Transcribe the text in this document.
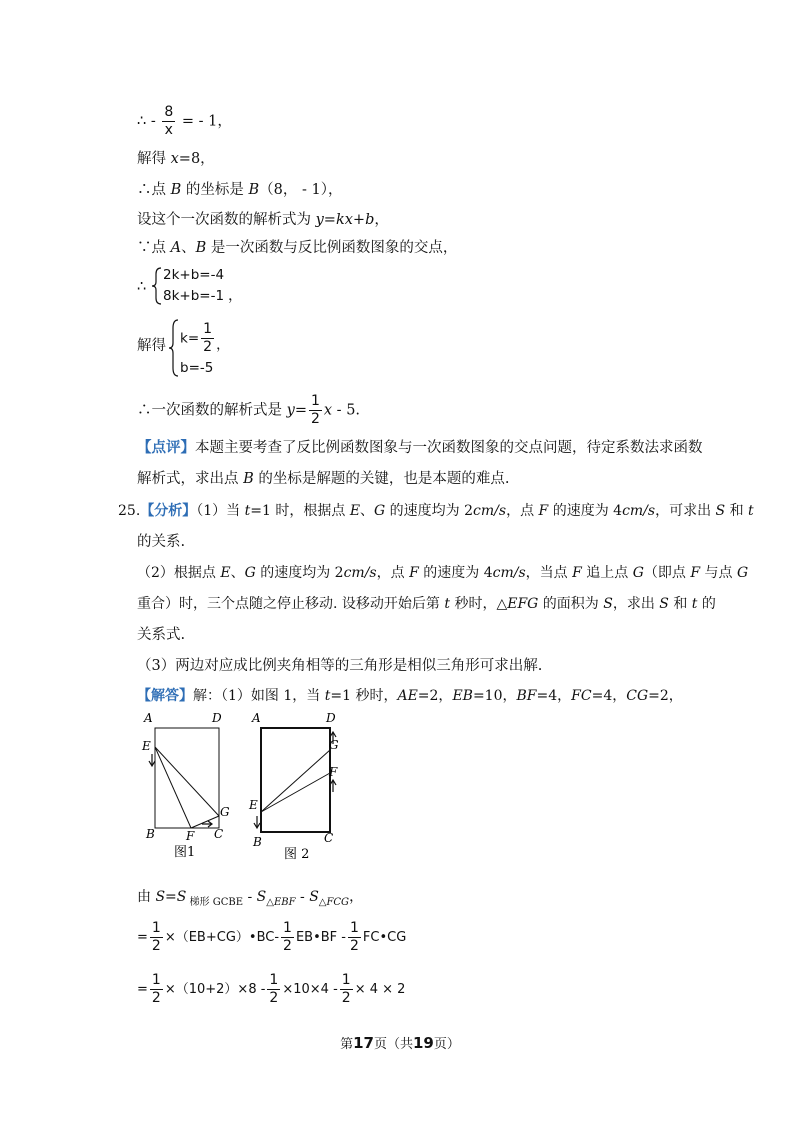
∴ - $\frac{8}{x}$ = - 1，
解得 x=8，
∴点 B 的坐标是 B（8， - 1），
设这个一次函数的解析式为 y=kx+b，
∵点 A、B 是一次函数与反比例函数图象的交点，
∴
2k+b=-4
8k+b=-1 ，
解得 $k= \frac{1}{2}$ ，
b=-5
∴一次函数的解析式是 $y= \frac{1}{2}$ x - 5.
【点评】本题主要考查了反比例函数图象与一次函数图象的交点问题，待定系数法求函数
解析式，求出点 B 的坐标是解题的关键，也是本题的难点.
25.【分析】（1）当 t=1 时，根据点 E、G 的速度均为 2cm/s，点 F 的速度为 4cm/s，可求出 S 和 t
的关系.
（2）根据点 E、G 的速度均为 2cm/s，点 F 的速度为 4cm/s，当点 F 追上点 G（即点 F 与点 G
重合）时，三个点随之停止移动. 设移动开始后第 t 秒时，△EFG 的面积为 S，求出 S 和 t 的
关系式.
（3）两边对应成比例夹角相等的三角形是相似三角形可求出解.
【解答】解：（1）如图 1，当 t=1 秒时，AE=2，EB=10，BF=4，FC=4，CG=2，
A	D
E
G
B	F C
图1
A	D
G
F
E
B	C
图 2
由 S=S $_{梯形 GCBE} - S_{\triangle EBF} - S_{\triangle FCG}$，
= $\frac{1}{2}$ ×（EB+CG）•BC- $\frac{1}{2}$ EB•BF - $\frac{1}{2}$ FC•CG
= $\frac{1}{2} \times(10+2)\times 8 - \frac{1}{2} \times 10\times 4 - \frac{1}{2} \times 4 \times 2$
第17页（共19页）
